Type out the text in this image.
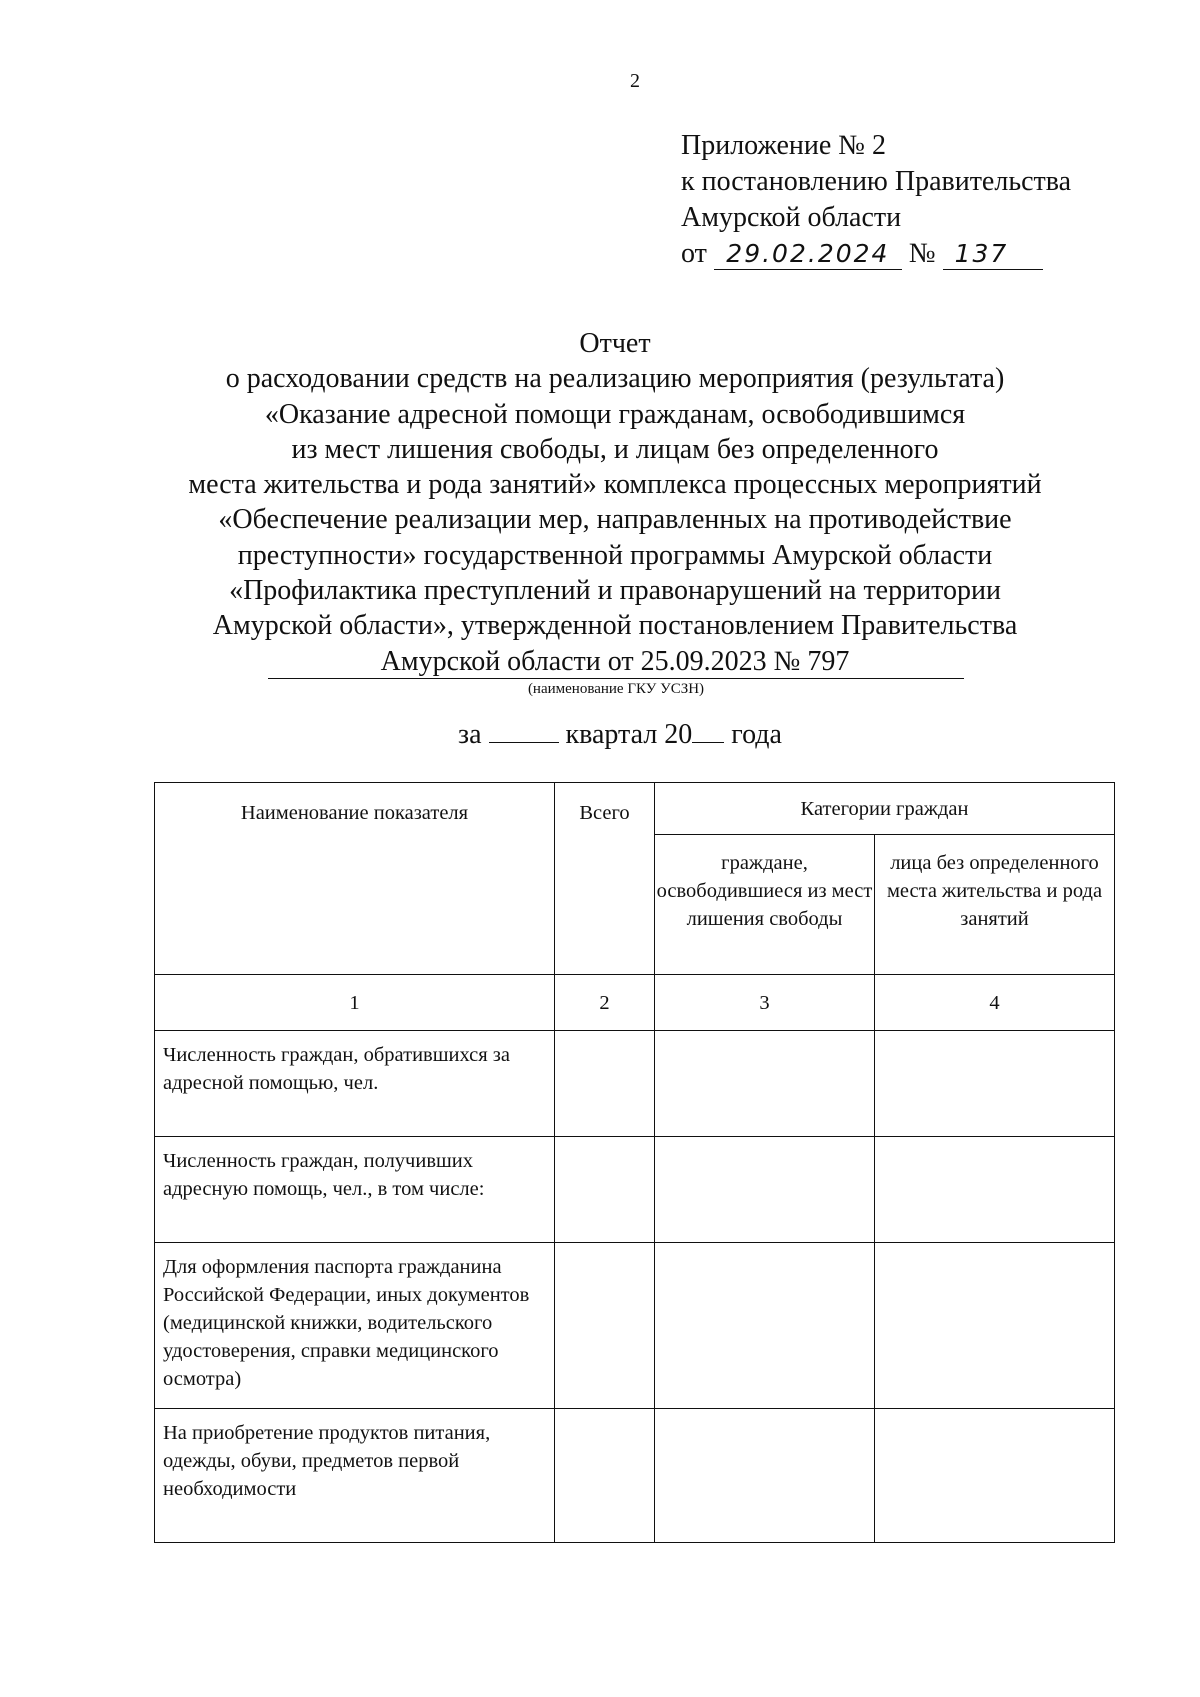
2
Приложение № 2
к постановлению Правительства
Амурской области
от 29.02.2024 № 137
Отчет
о расходовании средств на реализацию мероприятия (результата)
«Оказание адресной помощи гражданам, освободившимся
из мест лишения свободы, и лицам без определенного
места жительства и рода занятий» комплекса процессных мероприятий
«Обеспечение реализации мер, направленных на противодействие
преступности» государственной программы Амурской области
«Профилактика преступлений и правонарушений на территории
Амурской области», утвержденной постановлением Правительства
Амурской области от 25.09.2023 № 797
(наименование ГКУ УСЗН)
за	квартал 20 года
Наименование показателя	Всего	Категории граждан	
		граждане, освободившиеся из мест лишения свободы	лица без определенного места жительства и рода занятий
1	2	3	4
Численность граждан, обратившихся за адресной помощью, чел.			
Численность граждан, получивших адресную помощь, чел., в том числе:			
Для оформления паспорта гражданина Российской Федерации, иных документов (медицинской книжки, водительского удостоверения, справки медицинского осмотра)			
На приобретение продуктов питания, одежды, обуви, предметов первой необходимости			
